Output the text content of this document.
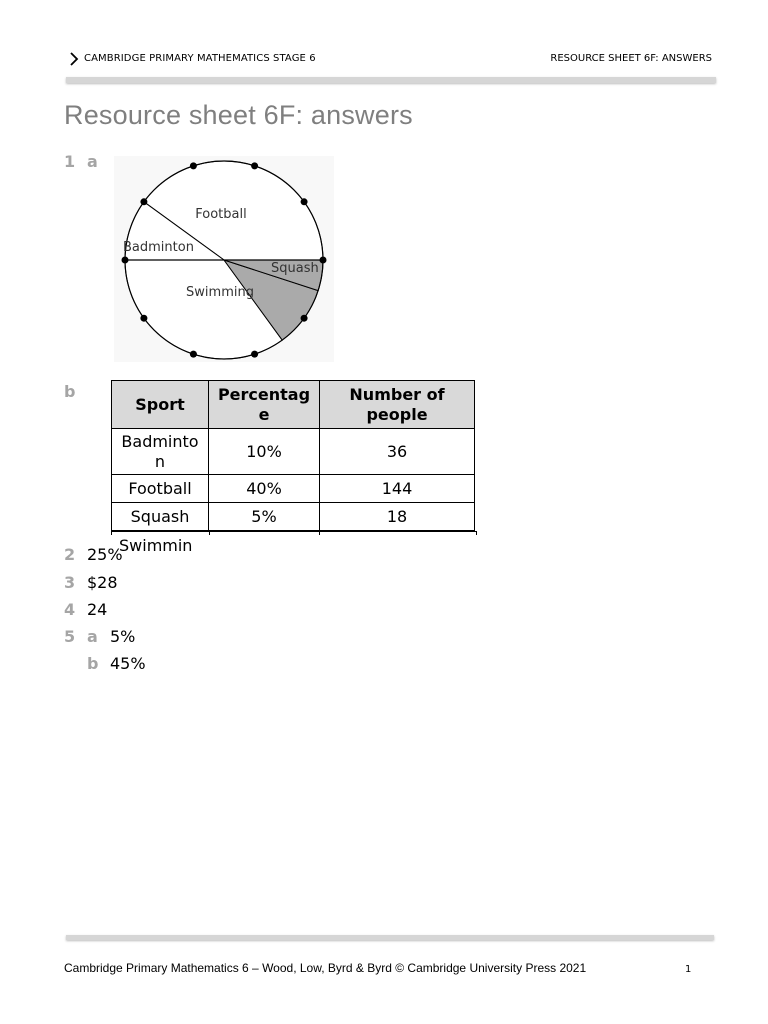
CAMBRIDGE PRIMARY MATHEMATICS STAGE 6	RESOURCE SHEET 6F: ANSWERS
Resource sheet 6F: answers
1 a
Football
Swimming
Badminton
Squash
b
Sport	Percentage	Number of people
Badminton	10%	36
Football	40%	144
Squash	5%	18
Swimmin
2 25%
3 $28
4 24
5 a 5%
b 45%
Cambridge Primary Mathematics 6 – Wood, Low, Byrd & Byrd © Cambridge University Press 2021	1
